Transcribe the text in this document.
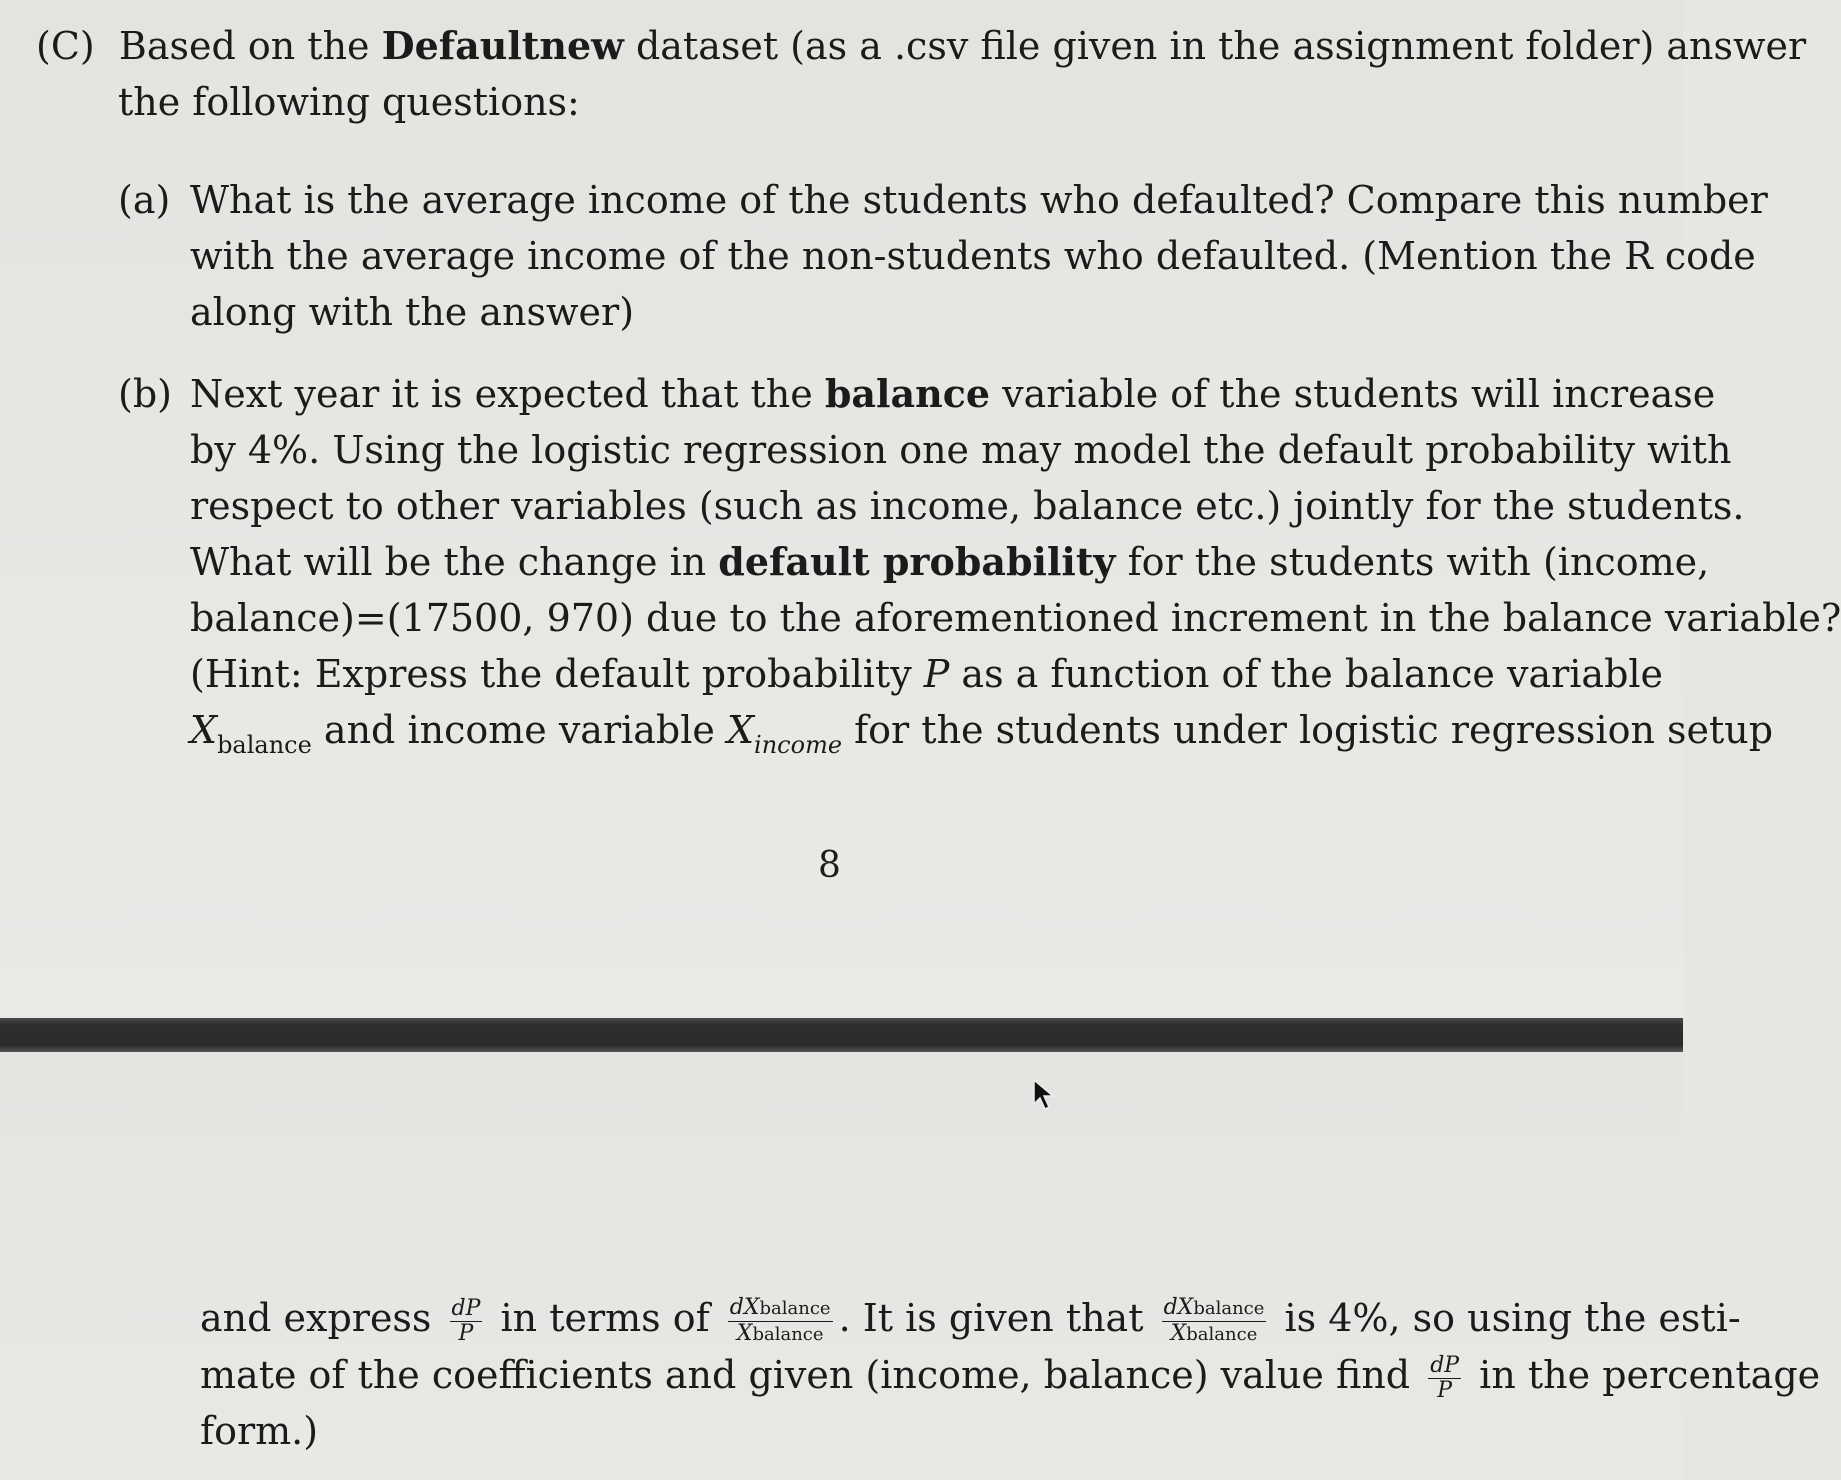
(C) Based on the Defaultnew dataset (as a .csv file given in the assignment folder) answer
the following questions:
(a) What is the average income of the students who defaulted? Compare this number
with the average income of the non-students who defaulted. (Mention the R code
along with the answer)
(b) Next year it is expected that the balance variable of the students will increase
by 4%. Using the logistic regression one may model the default probability with
respect to other variables (such as income, balance etc.) jointly for the students.
What will be the change in default probability for the students with (income,
balance)=(17500, 970) due to the aforementioned increment in the balance variable?
(Hint: Express the default probability P as a function of the balance variable
$X_{balance}$ and income variable $X_{income}$ for the students under logistic regression setup
8
and express $\frac{dP}{P}$ in terms of $\frac{\text{dXbalance}}{\text{Xbalance}}$ . It is given that $\frac{\text{dXbalance}}{\text{Xbalance}}$ is 4%, so using the esti-
mate of the coefficients and given (income, balance) value find $\frac{dP}{P}$ in the percentage
form.)
